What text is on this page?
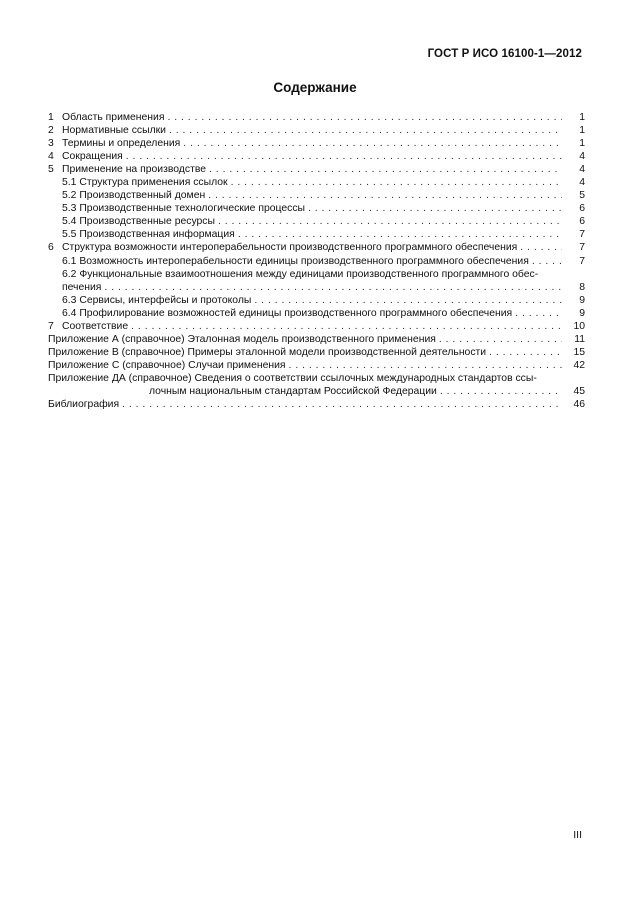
ГОСТ Р ИСО 16100-1—2012
Содержание
1 Область применения . . .	1
2 Нормативные ссылки . . .	1
3 Термины и определения . . .	1
4 Сокращения . . .	4
5 Применение на производстве . . .	4
5.1 Структура применения ссылок . . .	4
5.2 Производственный домен . . .	5
5.3 Производственные технологические процессы . . .	6
5.4 Производственные ресурсы . . .	6
5.5 Производственная информация . . .	7
6 Структура возможности интероперабельности производственного программного обеспечения . . .	7
6.1 Возможность интероперабельности единицы производственного программного обеспечения . . .	7
6.2 Функциональные взаимоотношения между единицами производственного программного обес-
печения . . .	8
6.3 Сервисы, интерфейсы и протоколы . . .	9
6.4 Профилирование возможностей единицы производственного программного обеспечения . . .	9
7 Соответствие . . .	10
Приложение А (справочное) Эталонная модель производственного применения . . .	11
Приложение В (справочное) Примеры эталонной модели производственной деятельности . . .	15
Приложение С (справочное) Случаи применения . . .	42
Приложение ДА (справочное) Сведения о соответствии ссылочных международных стандартов ссы-
лочным национальным стандартам Российской Федерации . . .	45
Библиография . . .	46
III
